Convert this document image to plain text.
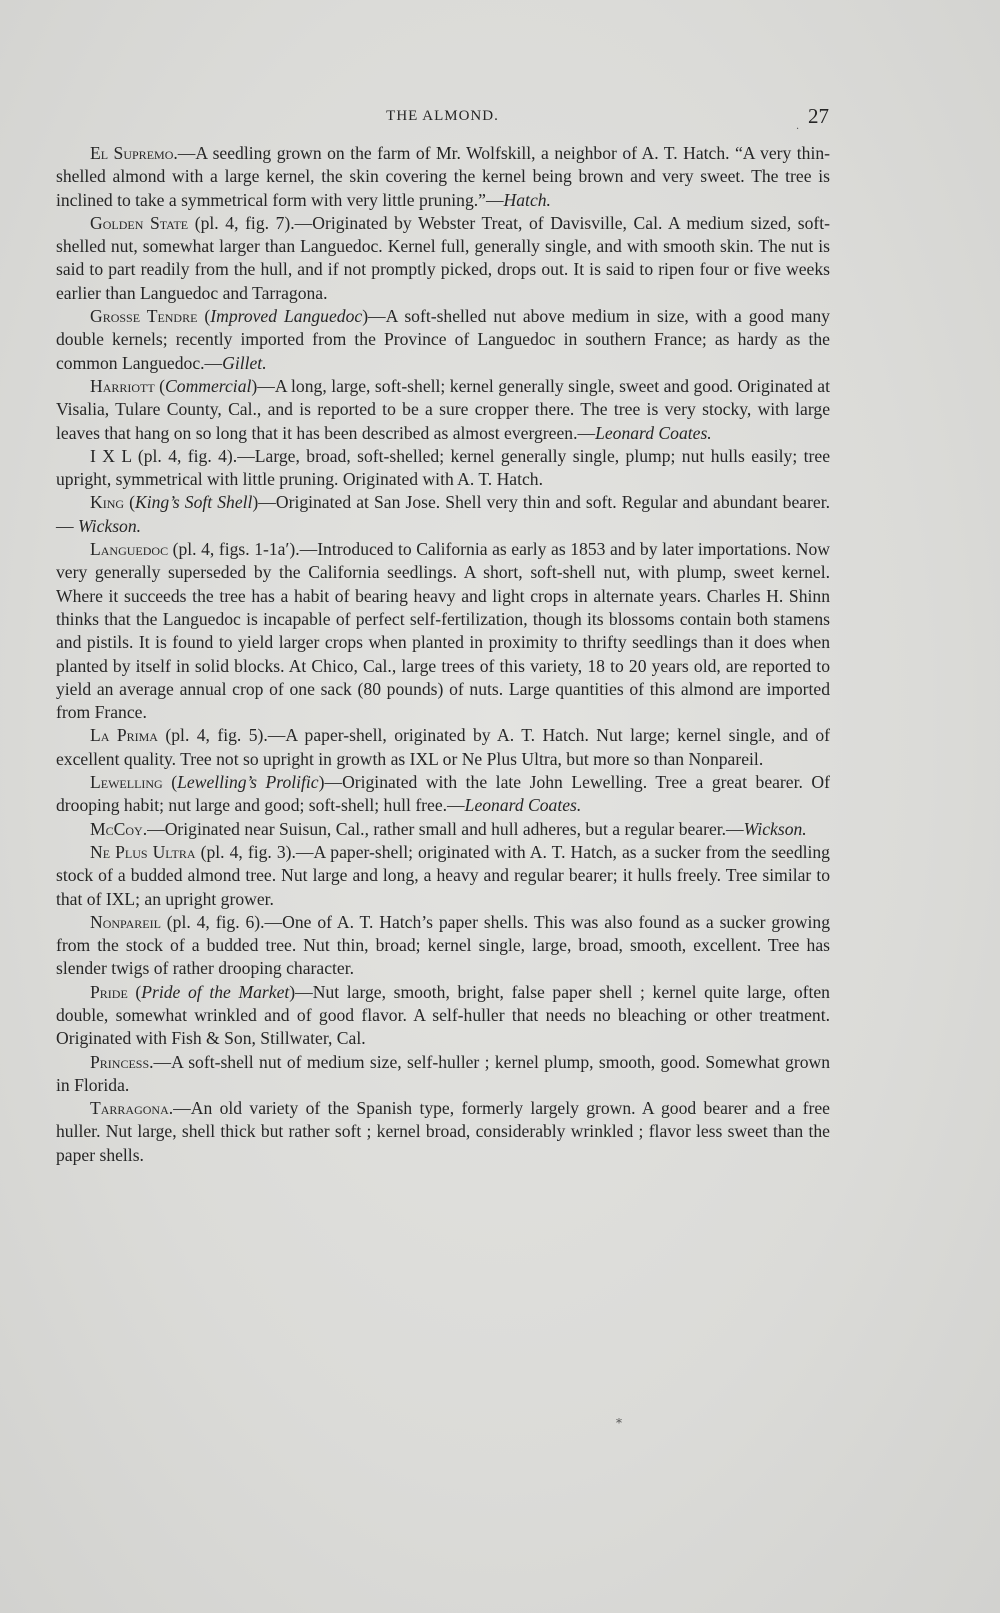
THE ALMOND.	27
·

El Supremo.—A seedling grown on the farm of Mr. Wolfskill, a neighbor of A. T. Hatch. “A very thin-shelled almond with a large kernel, the skin covering the kernel being brown and very sweet. The tree is inclined to take a symmetrical form with very little pruning.”—Hatch.

Golden State (pl. 4, fig. 7).—Originated by Webster Treat, of Davisville, Cal. A medium sized, soft-shelled nut, somewhat larger than Languedoc. Kernel full, generally single, and with smooth skin. The nut is said to part readily from the hull, and if not promptly picked, drops out. It is said to ripen four or five weeks earlier than Languedoc and Tarragona.

Grosse Tendre (Improved Languedoc)—A soft-shelled nut above medium in size, with a good many double kernels; recently imported from the Province of Languedoc in southern France; as hardy as the common Languedoc.—Gillet.

Harriott (Commercial)—A long, large, soft-shell; kernel generally single, sweet and good. Originated at Visalia, Tulare County, Cal., and is reported to be a sure cropper there. The tree is very stocky, with large leaves that hang on so long that it has been described as almost evergreen.—Leonard Coates.

I X L (pl. 4, fig. 4).—Large, broad, soft-shelled; kernel generally single, plump; nut hulls easily; tree upright, symmetrical with little pruning. Originated with A. T. Hatch.

King (King’s Soft Shell)—Originated at San Jose. Shell very thin and soft. Regular and abundant bearer.— Wickson.

Languedoc (pl. 4, figs. 1-1a′).—Introduced to California as early as 1853 and by later importations. Now very generally superseded by the California seedlings. A short, soft-shell nut, with plump, sweet kernel. Where it succeeds the tree has a habit of bearing heavy and light crops in alternate years. Charles H. Shinn thinks that the Languedoc is incapable of perfect self-fertilization, though its blossoms contain both stamens and pistils. It is found to yield larger crops when planted in proximity to thrifty seedlings than it does when planted by itself in solid blocks. At Chico, Cal., large trees of this variety, 18 to 20 years old, are reported to yield an average annual crop of one sack (80 pounds) of nuts. Large quantities of this almond are imported from France.

La Prima (pl. 4, fig. 5).—A paper-shell, originated by A. T. Hatch. Nut large; kernel single, and of excellent quality. Tree not so upright in growth as IXL or Ne Plus Ultra, but more so than Nonpareil.

Lewelling (Lewelling’s Prolific)—Originated with the late John Lewelling. Tree a great bearer. Of drooping habit; nut large and good; soft-shell; hull free.—Leonard Coates.

McCoy.—Originated near Suisun, Cal., rather small and hull adheres, but a regular bearer.—Wickson.

Ne Plus Ultra (pl. 4, fig. 3).—A paper-shell; originated with A. T. Hatch, as a sucker from the seedling stock of a budded almond tree. Nut large and long, a heavy and regular bearer; it hulls freely. Tree similar to that of IXL; an upright grower.

Nonpareil (pl. 4, fig. 6).—One of A. T. Hatch’s paper shells. This was also found as a sucker growing from the stock of a budded tree. Nut thin, broad; kernel single, large, broad, smooth, excellent. Tree has slender twigs of rather drooping character.

Pride (Pride of the Market)—Nut large, smooth, bright, false paper shell ; kernel quite large, often double, somewhat wrinkled and of good flavor. A self-huller that needs no bleaching or other treatment. Originated with Fish & Son, Stillwater, Cal.

Princess.—A soft-shell nut of medium size, self-huller ; kernel plump, smooth, good. Somewhat grown in Florida.

Tarragona.—An old variety of the Spanish type, formerly largely grown. A good bearer and a free huller. Nut large, shell thick but rather soft ; kernel broad, considerably wrinkled ; flavor less sweet than the paper shells.

*
